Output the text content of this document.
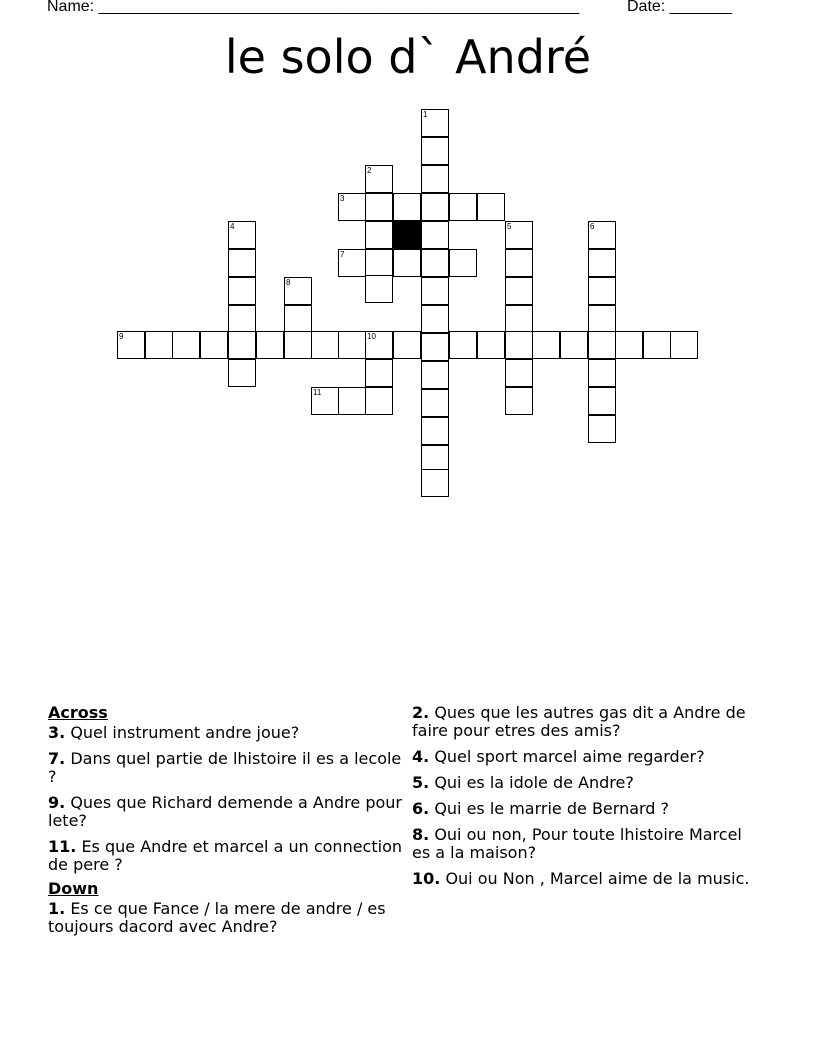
Name: ______________________________________________________	Date: _______
le solo d` André
1
2
3
7
4
8
5	6
9	10
11
Across
3. Quel instrument andre joue?
7. Dans quel partie de lhistoire il es a lecole ?
9. Ques que Richard demende a Andre pour lete?
11. Es que Andre et marcel a un connection de pere ?
Down
1. Es ce que Fance / la mere de andre / es toujours dacord avec Andre?
2. Ques que les autres gas dit a Andre de faire pour etres des amis?
4. Quel sport marcel aime regarder?
5. Qui es la idole de Andre?
6. Qui es le marrie de Bernard ?
8. Oui ou non, Pour toute lhistoire Marcel es a la maison?
10. Oui ou Non , Marcel aime de la music.
